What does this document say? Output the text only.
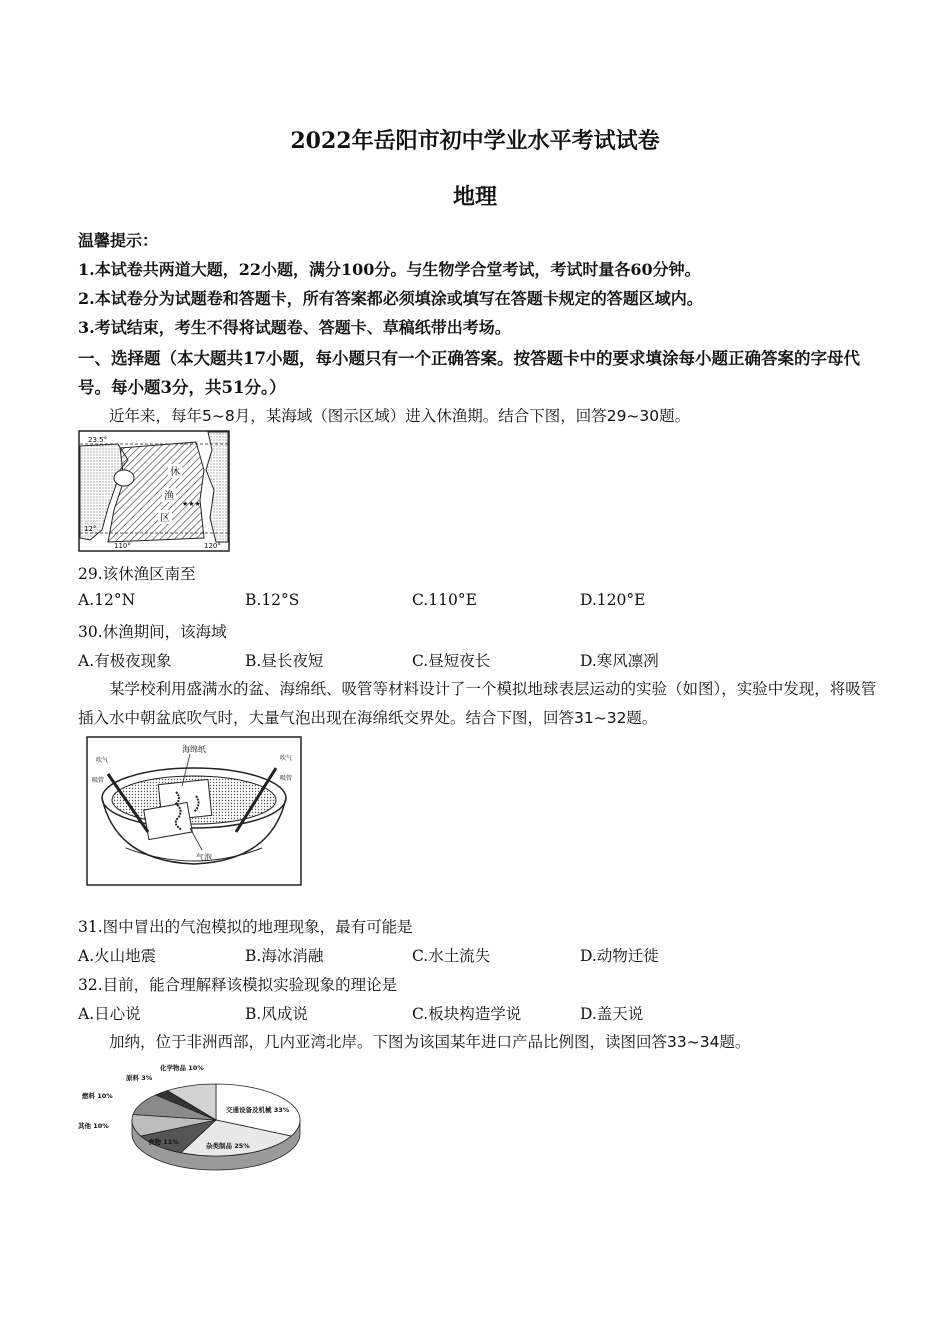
2022年岳阳市初中学业水平考试试卷
地理
温馨提示：
1.本试卷共两道大题，22小题，满分100分。与生物学合堂考试，考试时量各60分钟。
2.本试卷分为试题卷和答题卡，所有答案都必须填涂或填写在答题卡规定的答题区域内。
3.考试结束，考生不得将试题卷、答题卡、草稿纸带出考场。
一、选择题（本大题共17小题，每小题只有一个正确答案。按答题卡中的要求填涂每小题正确答案的字母代号。每小题3分，共51分。）
近年来，每年5~8月，某海域（图示区域）进入休渔期。结合下图，回答29~30题。
23.5°
12°
110°	120°
休
渔
区
★★★
29.该休渔区南至
A.12°N	B.12°S	C.110°E	D.120°E
30.休渔期间，该海域
A.有极夜现象	B.昼长夜短	C.昼短夜长	D.寒风凛冽
某学校利用盛满水的盆、海绵纸、吸管等材料设计了一个模拟地球表层运动的实验（如图），实验中发现，将吸管插入水中朝盆底吹气时，大量气泡出现在海绵纸交界处。结合下图，回答31~32题。
海绵纸
吹气
吸管
吹气
吸管
气泡
31.图中冒出的气泡模拟的地理现象，最有可能是
A.火山地震	B.海冰消融	C.水土流失	D.动物迁徙
32.目前，能合理解释该模拟实验现象的理论是
A.日心说	B.风成说	C.板块构造学说	D.盖天说
加纳，位于非洲西部，几内亚湾北岸。下图为该国某年进口产品比例图，读图回答33~34题。
交通设备及机械 33%
杂类制品 25%
食物 11%
其他 10%
燃料 10%
原料 3%
化学物品 10%
